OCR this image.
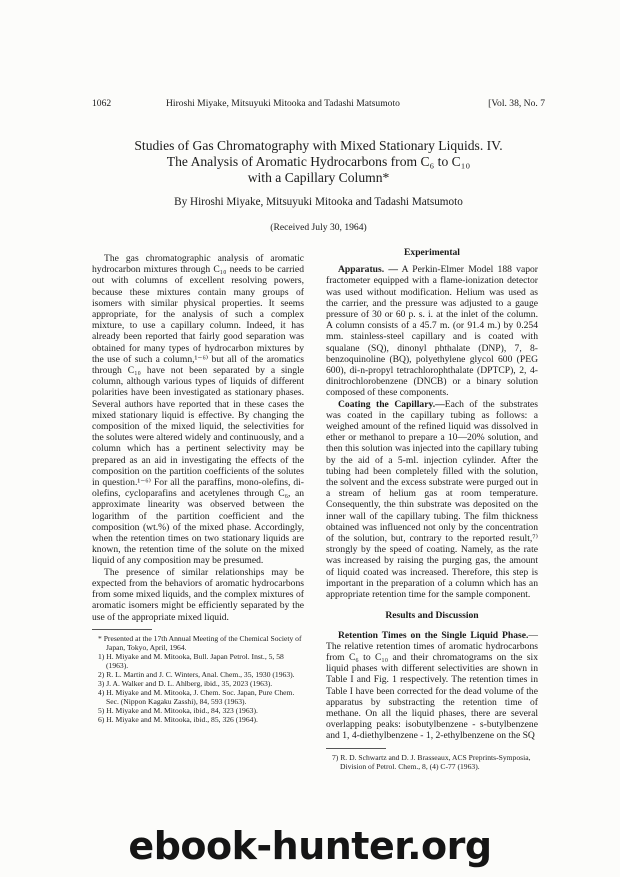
1062	Hiroshi Miyake, Mitsuyuki Mitooka and Tadashi Matsumoto	[Vol. 38, No. 7
Studies of Gas Chromatography with Mixed Stationary Liquids. IV.
The Analysis of Aromatic Hydrocarbons from C₆ to C₁₀
with a Capillary Column*
By Hiroshi Miyake, Mitsuyuki Mitooka and Tadashi Matsumoto
(Received July 30, 1964)

The gas chromatographic analysis of aromatic hydrocarbon mixtures through C₁₀ needs to be carried out with columns of excellent resolving powers, because these mixtures contain many groups of isomers with similar physical properties. It seems appropriate, for the analysis of such a complex mixture, to use a capillary column. Indeed, it has already been reported that fairly good separation was obtained for many types of hydrocarbon mixtures by the use of such a column,¹⁻⁶⁾ but all of the aromatics through C₁₀ have not been separated by a single column, although various types of liquids of different polarities have been investigated as stationary phases. Several authors have reported that in these cases the mixed stationary liquid is effective. By changing the composition of the mixed liquid, the selectivities for the solutes were altered widely and continuously, and a column which has a pertinent selectivity may be prepared as an aid in investigating the effects of the composition on the partition coefficients of the solutes in question.¹⁻⁶⁾ For all the paraffins, mono-olefins, di-olefins, cycloparafins and acetylenes through C₆, an approximate linearity was observed between the logarithm of the partition coefficient and the composition (wt.%) of the mixed phase. Accordingly, when the retention times on two stationary liquids are known, the retention time of the solute on the mixed liquid of any composition may be presumed.

The presence of similar relationships may be expected from the behaviors of aromatic hydrocarbons from some mixed liquids, and the complex mixtures of aromatic isomers might be efficiently separated by the use of the appropriate mixed liquid.

* Presented at the 17th Annual Meeting of the Chemical Society of Japan, Tokyo, April, 1964.
1) H. Miyake and M. Mitooka, Bull. Japan Petrol. Inst., 5, 58 (1963).
2) R. L. Martin and J. C. Winters, Anal. Chem., 35, 1930 (1963).
3) J. A. Walker and D. L. Ahlberg, ibid., 35, 2023 (1963).
4) H. Miyake and M. Mitooka, J. Chem. Soc. Japan, Pure Chem. Sec. (Nippon Kagaku Zasshi), 84, 593 (1963).
5) H. Miyake and M. Mitooka, ibid., 84, 323 (1963).
6) H. Miyake and M. Mitooka, ibid., 85, 326 (1964).
Experimental

Apparatus. — A Perkin-Elmer Model 188 vapor fractometer equipped with a flame-ionization detector was used without modification. Helium was used as the carrier, and the pressure was adjusted to a gauge pressure of 30 or 60 p. s. i. at the inlet of the column. A column consists of a 45.7 m. (or 91.4 m.) by 0.254 mm. stainless-steel capillary and is coated with squalane (SQ), dinonyl phthalate (DNP), 7, 8-benzoquinoline (BQ), polyethylene glycol 600 (PEG 600), di-n-propyl tetrachlorophthalate (DPTCP), 2, 4-dinitrochlorobenzene (DNCB) or a binary solution composed of these components.

Coating the Capillary.—Each of the substrates was coated in the capillary tubing as follows: a weighed amount of the refined liquid was dissolved in ether or methanol to prepare a 10—20% solution, and then this solution was injected into the capillary tubing by the aid of a 5-ml. injection cylinder. After the tubing had been completely filled with the solution, the solvent and the excess substrate were purged out in a stream of helium gas at room temperature. Consequently, the thin substrate was deposited on the inner wall of the capillary tubing. The film thickness obtained was influenced not only by the concentration of the solution, but, contrary to the reported result,⁷⁾ strongly by the speed of coating. Namely, as the rate was increased by raising the purging gas, the amount of liquid coated was increased. Therefore, this step is important in the preparation of a column which has an appropriate retention time for the sample component.

Results and Discussion

Retention Times on the Single Liquid Phase.—The relative retention times of aromatic hydrocarbons from C₆ to C₁₀ and their chromatograms on the six liquid phases with different selectivities are shown in Table I and Fig. 1 respectively. The retention times in Table I have been corrected for the dead volume of the apparatus by substracting the retention time of methane. On all the liquid phases, there are several overlapping peaks: isobutylbenzene - s-butylbenzene and 1, 4-diethylbenzene - 1, 2-ethylbenzene on the SQ

7) R. D. Schwartz and D. J. Brasseaux, ACS Preprints-Symposia, Division of Petrol. Chem., 8, (4) C-77 (1963).
ebook-hunter.org
